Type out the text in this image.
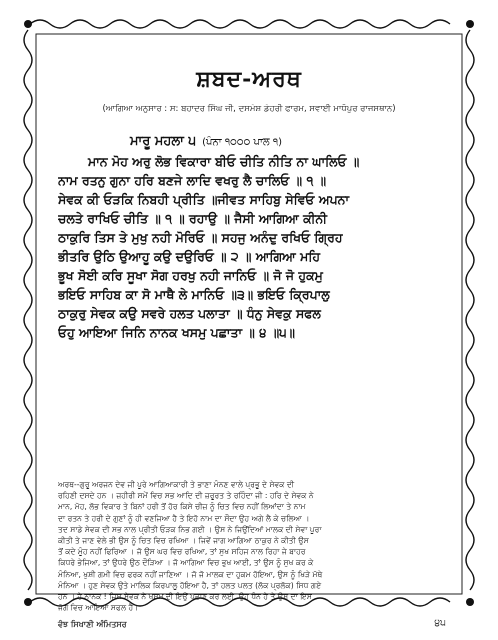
ਸ਼ਬਦ-ਅਰਥ
(ਆਗਿਆ ਅਨੁਸਾਰ : ਸ: ਬਹਾਦਰ ਸਿੰਘ ਜੀ, ਦਸਮੇਸ਼ ਡੇਹਰੀ ਫਾਰਮ, ਸਵਾਈ ਮਾਧੋਪੁਰ ਰਾਜਸਥਾਨ)
ਮਾਰੂ ਮਹਲਾ ੫ (ਪੰਨਾ ੧੦੦੦ ਪਾਲ ੧)
ਮਾਨ ਮੋਹ ਅਰੁ ਲੋਭ ਵਿਕਾਰਾ ਬੀਓ ਚੀਤਿ ਨੀਤਿ ਨਾ ਘਾਲਿਓ ॥
ਨਾਮ ਰਤਨੁ ਗੁਨਾ ਹਰਿ ਬਣਜੇ ਲਾਦਿ ਵਖਰੁ ਲੈ ਚਾਲਿਓ ॥ ੧ ॥
ਸੇਵਕ ਕੀ ਓੜਕਿ ਨਿਬਹੀ ਪ੍ਰੀਤਿ ॥ਜੀਵਤ ਸਾਹਿਬੁ ਸੇਵਿਓ ਅਪਨਾ
ਚਲਤੇ ਰਾਖਿਓ ਚੀਤਿ ॥ ੧ ॥ ਰਹਾਉ ॥ ਜੈਸੀ ਆਗਿਆ ਕੀਨੀ
ਠਾਕੁਰਿ ਤਿਸ ਤੇ ਮੁਖੁ ਨਹੀ ਮੋਰਿਓ ॥ ਸਹਜੁ ਅਨੰਦੁ ਰਖਿਓ ਗ੍ਰਿਹ
ਭੀਤਰਿ ਉਠਿ ਉਆਹੂ ਕਉ ਦਉਰਿਓ ॥ ੨ ॥ ਆਗਿਆ ਮਹਿ
ਭੂਖ ਸੋਈ ਕਰਿ ਸੂਖਾ ਸੋਗ ਹਰਖੁ ਨਹੀ ਜਾਨਿਓ ॥ ਜੋ ਜੋ ਹੁਕਮੁ
ਭਇਓ ਸਾਹਿਬ ਕਾ ਸੋ ਮਾਥੈ ਲੇ ਮਾਨਿਓ ॥੩॥ ਭਇਓ ਕ੍ਰਿਪਾਲੁ
ਠਾਕੁਰੁ ਸੇਵਕ ਕਉ ਸਵਰੇ ਹਲਤ ਪਲਾਤਾ ॥ ਧੰਨੁ ਸੇਵਕੁ ਸਫਲ
ਓਹੁ ਆਇਆ ਜਿਨਿ ਨਾਨਕ ਖਸਮੁ ਪਛਾਤਾ ॥ ੪ ॥੫॥
ਅਰਥ--ਗੁਰੂ ਅਰਜਨ ਦੇਵ ਜੀ ਪੂਰੇ ਆਗਿਆਕਾਰੀ ਤੇ ਭਾਣਾ ਮੰਨਣ ਵਾਲੇ ਪ੍ਰਭੂ ਦੇ ਸੇਵਕ ਦੀ
ਰਹਿਣੀ ਦਸਦੇ ਹਨ । ਜ਼ਹੀਰੀ ਸਮੇਂ ਵਿਚ ਸਭ ਆਦਿ ਦੀ ਜ਼ਰੂਰਤ ਤੇ ਰਹਿੰਦਾ ਜੀ : ਹਰਿ ਦੇ ਸੇਵਕ ਨੇ
ਮਾਨ, ਮੋਹ, ਲੋਭ ਵਿਕਾਰ ਤੇ ਬਿਨਾਂ ਹਰੀ ਤੋਂ ਹੋਰ ਕਿਸੇ ਚੀਜ਼ ਨੂੰ ਚਿਤ ਵਿਚ ਨਹੀਂ ਲਿਆਂਦਾ ਤੇ ਨਾਮ
ਦਾ ਰਤਨ ਤੇ ਹਰੀ ਦੇ ਗੁਣਾਂ ਨੂੰ ਹੀ ਵਣਜਿਆ ਹੈ ਤੇ ਇਹੋ ਨਾਮ ਦਾ ਸੌਦਾ ਉਹ ਅਗੇ ਲੈ ਕੇ ਚਲਿਆ ।
ਤਦ ਸਾਡੇ ਸੇਵਕ ਦੀ ਸਭ ਨਾਲ ਪ੍ਰੀਤੀ ਓੜਕ ਨਿਭ ਗਈ । ਉਸ ਨੇ ਜਿਉਂਦਿਆਂ ਮਾਲਕ ਦੀ ਸੇਵਾ ਪੂਰਾ
ਕੀਤੀ ਤੇ ਜਾਣ ਵੇਲੇ ਭੀ ਉਸ ਨੂੰ ਚਿਤ ਵਿਚ ਰਖਿਆ । ਜਿਵੇਂ ਜਾਗ ਆਗਿਆ ਠਾਕੁਰ ਨੇ ਕੀਤੀ ਉਸ
ਤੋਂ ਕਦੇ ਮੂੰਹ ਨਹੀਂ ਫਿਰਿਆ । ਜੋ ਉਸ ਘਰ ਵਿਚ ਰਖਿਆ, ਤਾਂ ਸੁਖ ਸਹਿਜ ਨਾਲ ਰਿਹਾ ਜੇ ਬਾਹਰ
ਕਿਧਰੇ ਭੇਜਿਆ, ਤਾਂ ਉਧਰੇ ਉਠ ਦੌੜਿਆ । ਜੋ ਆਗਿਆ ਵਿਚ ਭੁਖ ਆਈ, ਤਾਂ ਉਸ ਨੂੰ ਸੁਖ ਕਰ ਕੇ
ਮੰਨਿਆ, ਖੁਸ਼ੀ ਗਮੀ ਵਿਚ ਫਰਕ ਨਹੀਂ ਜਾਣਿਆ । ਜੋ ਜੋ ਮਾਲਕ ਦਾ ਹੁਕਮ ਹੋਇਆ, ਉਸ ਨੂੰ ਖਿੜੇ ਮੱਥੇ
ਮੰਨਿਆ । ਹੁਣ ਸੇਵਕ ਉਤੇ ਮਾਲਿਕ ਕਿਰਪਾਲੂ ਹੋਇਆ ਹੈ, ਤਾਂ ਹਲਤ ਪਲਤ (ਲੋਕ ਪ੍ਰਲੋਕ) ਸਿਧ ਗਏ
ਹਨ । ਹੇ ਨਾਨਕ ! ਜਿਸ ਸੇਵਕ ਨੇ ਖਸਮ ਦੀ ਇਉਂ ਪਛਾਣ ਕਰ ਲਈ, ਉਹ ਧੰਨ ਹੈ ਤੇ ਉਸ ਦਾ ਇਸ
ਜੱਗ ਵਿਚ ਆਇਆ ਸਫਲ ਹੈ।
ਵੰਝ ਸਿਖਾਣੀ ਅੰਮਿਤਸਰ	੪੫
